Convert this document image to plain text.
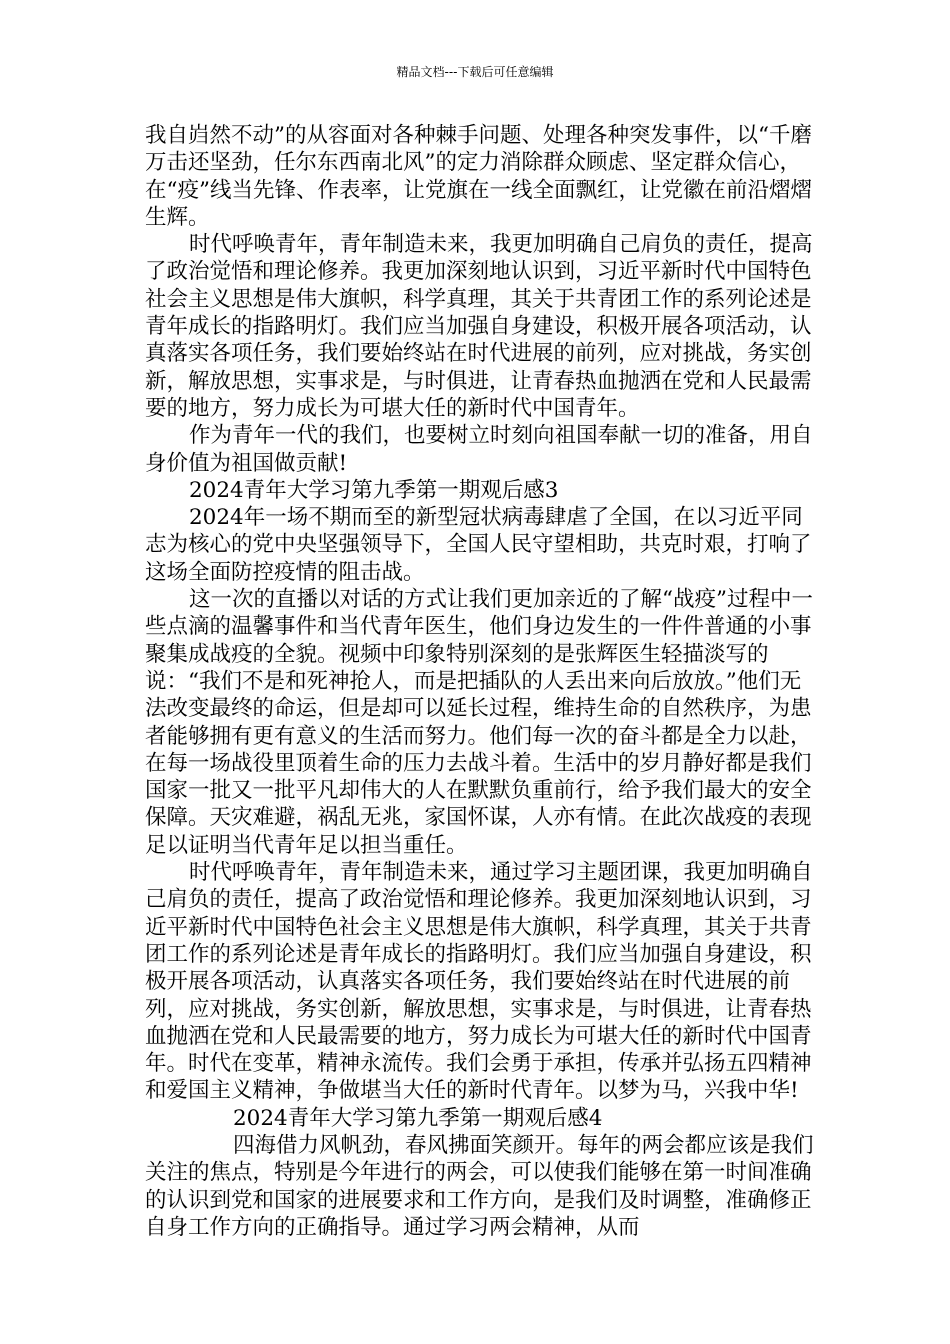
精品文档---下载后可任意编辑

我自岿然不动”的从容面对各种棘手问题、处理各种突发事件，以“千磨万击还坚劲，任尔东西南北风”的定力消除群众顾虑、坚定群众信心，在“疫”线当先锋、作表率，让党旗在一线全面飘红，让党徽在前沿熠熠生辉。

时代呼唤青年，青年制造未来，我更加明确自己肩负的责任，提高了政治觉悟和理论修养。我更加深刻地认识到，习近平新时代中国特色社会主义思想是伟大旗帜，科学真理，其关于共青团工作的系列论述是青年成长的指路明灯。我们应当加强自身建设，积极开展各项活动，认真落实各项任务，我们要始终站在时代进展的前列，应对挑战，务实创新，解放思想，实事求是，与时俱进，让青春热血抛洒在党和人民最需要的地方，努力成长为可堪大任的新时代中国青年。

作为青年一代的我们，也要树立时刻向祖国奉献一切的准备，用自身价值为祖国做贡献!

2024青年大学习第九季第一期观后感3

2024年一场不期而至的新型冠状病毒肆虐了全国，在以习近平同志为核心的党中央坚强领导下，全国人民守望相助，共克时艰，打响了这场全面防控疫情的阻击战。

这一次的直播以对话的方式让我们更加亲近的了解“战疫”过程中一些点滴的温馨事件和当代青年医生，他们身边发生的一件件普通的小事聚集成战疫的全貌。视频中印象特别深刻的是张辉医生轻描淡写的说：“我们不是和死神抢人，而是把插队的人丢出来向后放放。”他们无法改变最终的命运，但是却可以延长过程，维持生命的自然秩序，为患者能够拥有更有意义的生活而努力。他们每一次的奋斗都是全力以赴，在每一场战役里顶着生命的压力去战斗着。生活中的岁月静好都是我们国家一批又一批平凡却伟大的人在默默负重前行，给予我们最大的安全保障。天灾难避，祸乱无兆，家国怀谋，人亦有情。在此次战疫的表现足以证明当代青年足以担当重任。

时代呼唤青年，青年制造未来，通过学习主题团课，我更加明确自己肩负的责任，提高了政治觉悟和理论修养。我更加深刻地认识到，习近平新时代中国特色社会主义思想是伟大旗帜，科学真理，其关于共青团工作的系列论述是青年成长的指路明灯。我们应当加强自身建设，积极开展各项活动，认真落实各项任务，我们要始终站在时代进展的前列，应对挑战，务实创新，解放思想，实事求是，与时俱进，让青春热血抛洒在党和人民最需要的地方，努力成长为可堪大任的新时代中国青年。时代在变革，精神永流传。我们会勇于承担，传承并弘扬五四精神和爱国主义精神，争做堪当大任的新时代青年。以梦为马，兴我中华!

2024青年大学习第九季第一期观后感4

四海借力风帆劲，春风拂面笑颜开。每年的两会都应该是我们关注的焦点，特别是今年进行的两会，可以使我们能够在第一时间准确的认识到党和国家的进展要求和工作方向，是我们及时调整，准确修正自身工作方向的正确指导。通过学习两会精神，从而
